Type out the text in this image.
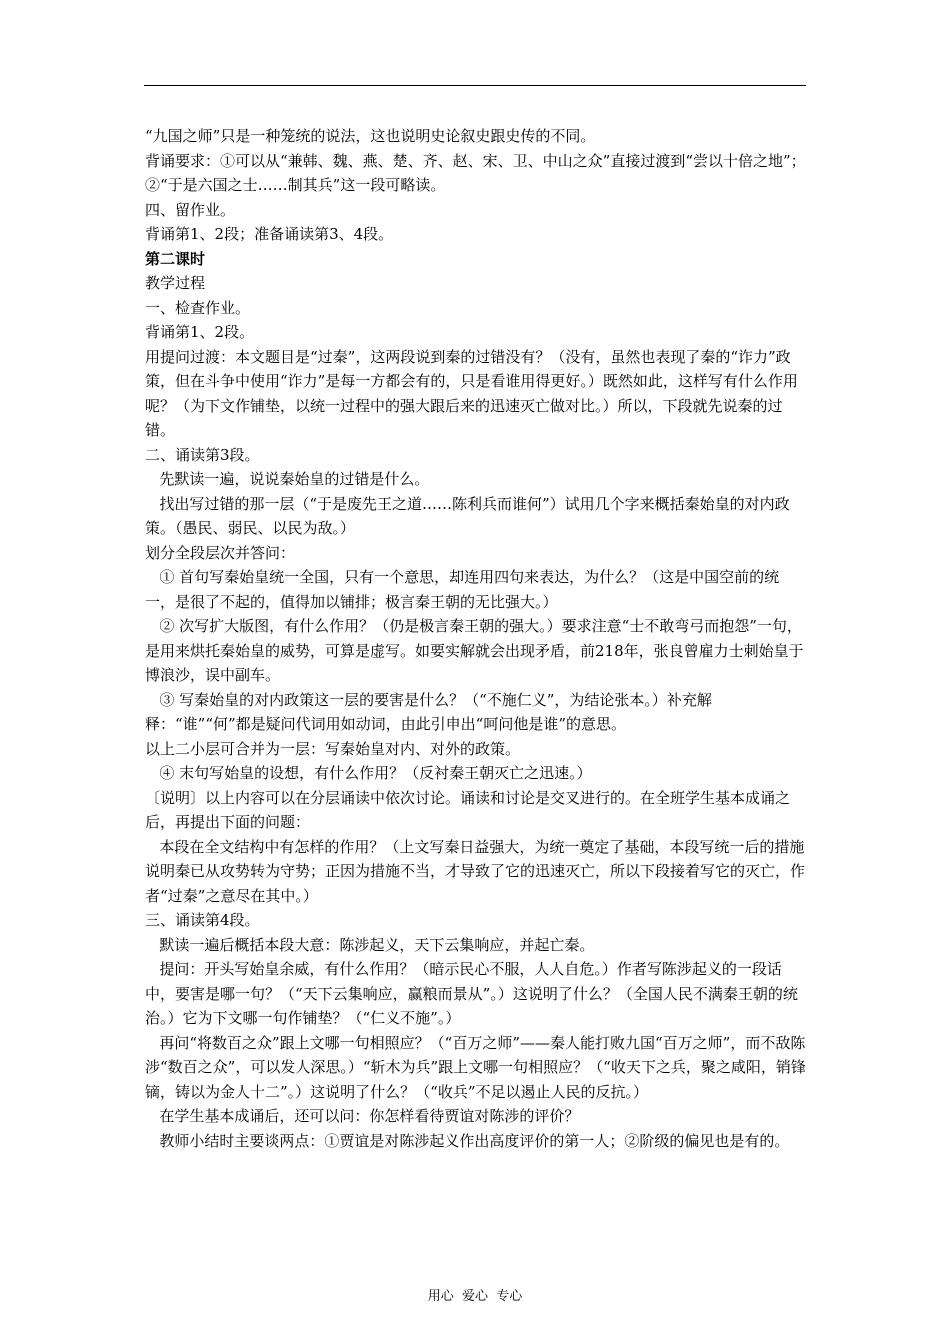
“九国之师”只是一种笼统的说法，这也说明史论叙史跟史传的不同。

背诵要求：①可以从“兼韩、魏、燕、楚、齐、赵、宋、卫、中山之众”直接过渡到“尝以十倍之地”；②“于是六国之士……制其兵”这一段可略读。

四、留作业。

背诵第1、2段；准备诵读第3、4段。

第二课时

教学过程

一、检查作业。

背诵第1、2段。

用提问过渡：本文题目是“过秦”，这两段说到秦的过错没有？（没有，虽然也表现了秦的“诈力”政策，但在斗争中使用“诈力”是每一方都会有的，只是看谁用得更好。）既然如此，这样写有什么作用呢？（为下文作铺垫，以统一过程中的强大跟后来的迅速灭亡做对比。）所以，下段就先说秦的过错。

二、诵读第3段。

先默读一遍，说说秦始皇的过错是什么。

找出写过错的那一层（“于是废先王之道……陈利兵而谁何”）试用几个字来概括秦始皇的对内政策。（愚民、弱民、以民为敌。）

划分全段层次并答问：

① 首句写秦始皇统一全国，只有一个意思，却连用四句来表达，为什么？（这是中国空前的统一，是很了不起的，值得加以铺排；极言秦王朝的无比强大。）

② 次写扩大版图，有什么作用？（仍是极言秦王朝的强大。）要求注意“士不敢弯弓而抱怨”一句，是用来烘托秦始皇的威势，可算是虚写。如要实解就会出现矛盾，前218年，张良曾雇力士刺始皇于博浪沙，误中副车。

③ 写秦始皇的对内政策这一层的要害是什么？（“不施仁义”，为结论张本。）补充解释：“谁”“何”都是疑问代词用如动词，由此引申出“呵问他是谁”的意思。

以上二小层可合并为一层：写秦始皇对内、对外的政策。

④ 末句写始皇的设想，有什么作用？（反衬秦王朝灭亡之迅速。）

〔说明〕以上内容可以在分层诵读中依次讨论。诵读和讨论是交叉进行的。在全班学生基本成诵之后，再提出下面的问题：

本段在全文结构中有怎样的作用？（上文写秦日益强大，为统一奠定了基础，本段写统一后的措施说明秦已从攻势转为守势；正因为措施不当，才导致了它的迅速灭亡，所以下段接着写它的灭亡，作者“过秦”之意尽在其中。）

三、诵读第4段。

默读一遍后概括本段大意：陈涉起义，天下云集响应，并起亡秦。

提问：开头写始皇余威，有什么作用？（暗示民心不服，人人自危。）作者写陈涉起义的一段话中，要害是哪一句？（“天下云集响应，赢粮而景从”。）这说明了什么？（全国人民不满秦王朝的统治。）它为下文哪一句作铺垫？（“仁义不施”。）

再问“将数百之众”跟上文哪一句相照应？（“百万之师”——秦人能打败九国“百万之师”，而不敌陈涉“数百之众”，可以发人深思。）“斩木为兵”跟上文哪一句相照应？（“收天下之兵，聚之咸阳，销锋镝，铸以为金人十二”。）这说明了什么？（“收兵”不足以遏止人民的反抗。）

在学生基本成诵后，还可以问：你怎样看待贾谊对陈涉的评价？

教师小结时主要谈两点：①贾谊是对陈涉起义作出高度评价的第一人；②阶级的偏见也是有的。

用心  爱心  专心
